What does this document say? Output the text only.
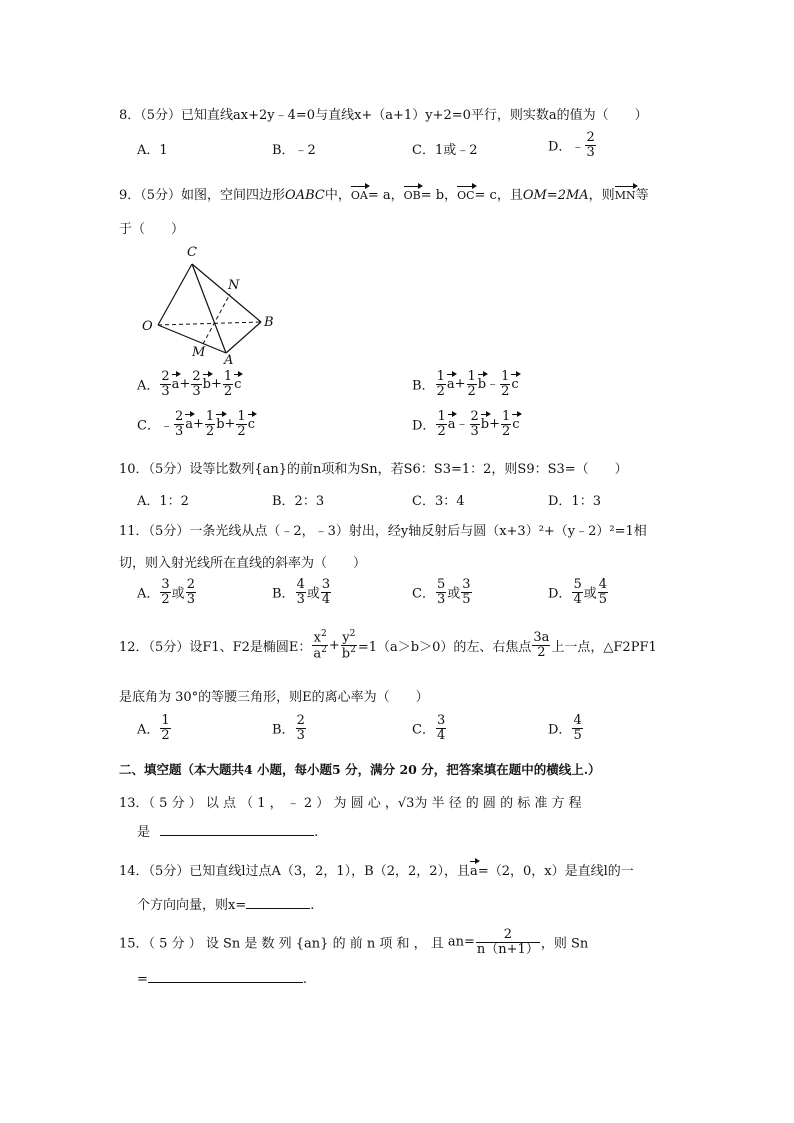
8．（5分）已知直线ax+2y﹣4=0与直线x+（a+1）y+2=0平行，则实数a的值为（　　）
A．1	B．﹣2	C．1或﹣2	D．﹣ $\frac{2}{3}$
9．（5分）如图，空间四边形OABC中，OA= a，OB= b，OC= c，且OM=2MA，则MN等
于（　　）
C
N
O	B
M
A
A． $\frac{2}{3} a+ \frac{2}{3} b+ \frac{1}{2}$ c	B． $\frac{1}{2} a+ \frac{1}{2}$ b﹣ $\frac{1}{2}$ c
C．﹣ $\frac{2}{3} a+ \frac{1}{2} b+ \frac{1}{2}$ c	D． $\frac{1}{2}$ a﹣ $\frac{2}{3} b+ \frac{1}{2}$ c
10．（5分）设等比数列{an}的前n项和为Sn，若S6：S3=1：2，则S9：S3=（　　）
A．1：2	B．2：3	C．3：4	D．1：3
11．（5分）一条光线从点（﹣2，﹣3）射出，经y轴反射后与圆（x+3）²+（y﹣2）²=1相
切，则入射光线所在直线的斜率为（　　）
A． $\frac{3}{2}$ 或 $\frac{2}{3}$	B． $\frac{4}{3}$ 或 $\frac{3}{4}$	C． $\frac{5}{3}$ 或 $\frac{3}{5}$	D． $\frac{5}{4}$ 或 $\frac{4}{5}$
12．（5分）设F1、F2是椭圆E： $\frac{x^2}{a^2} + \frac{y^2}{b^2} =1(a>b>0)$的左、右焦点 $\frac{3a}{2}$ 上一点，△F2PF1
是底角为 30°的等腰三角形，则E的离心率为（　　）
A． $\frac{1}{2}$	B． $\frac{2}{3}$	C． $\frac{3}{4}$	D． $\frac{4}{5}$
二、填空题（本大题共4 小题，每小题5 分，满分 20 分，把答案填在题中的横线上.）
13．（ 5 分 ） 以 点 （ 1 ， ﹣ 2 ） 为 圆 心 ，√3为 半 径 的 圆 的 标 准 方 程
是	.
14．（5分）已知直线l过点A（3，2，1），B（2，2，2），且a=（2，0，x）是直线l的一
个方向向量，则x=	.
15．（ 5 分 ） 设 Sn 是 数 列 {an} 的 前 n 项 和 ， 且 $an= \frac{2}{n(n+1)}$ ，则 Sn
=	.
